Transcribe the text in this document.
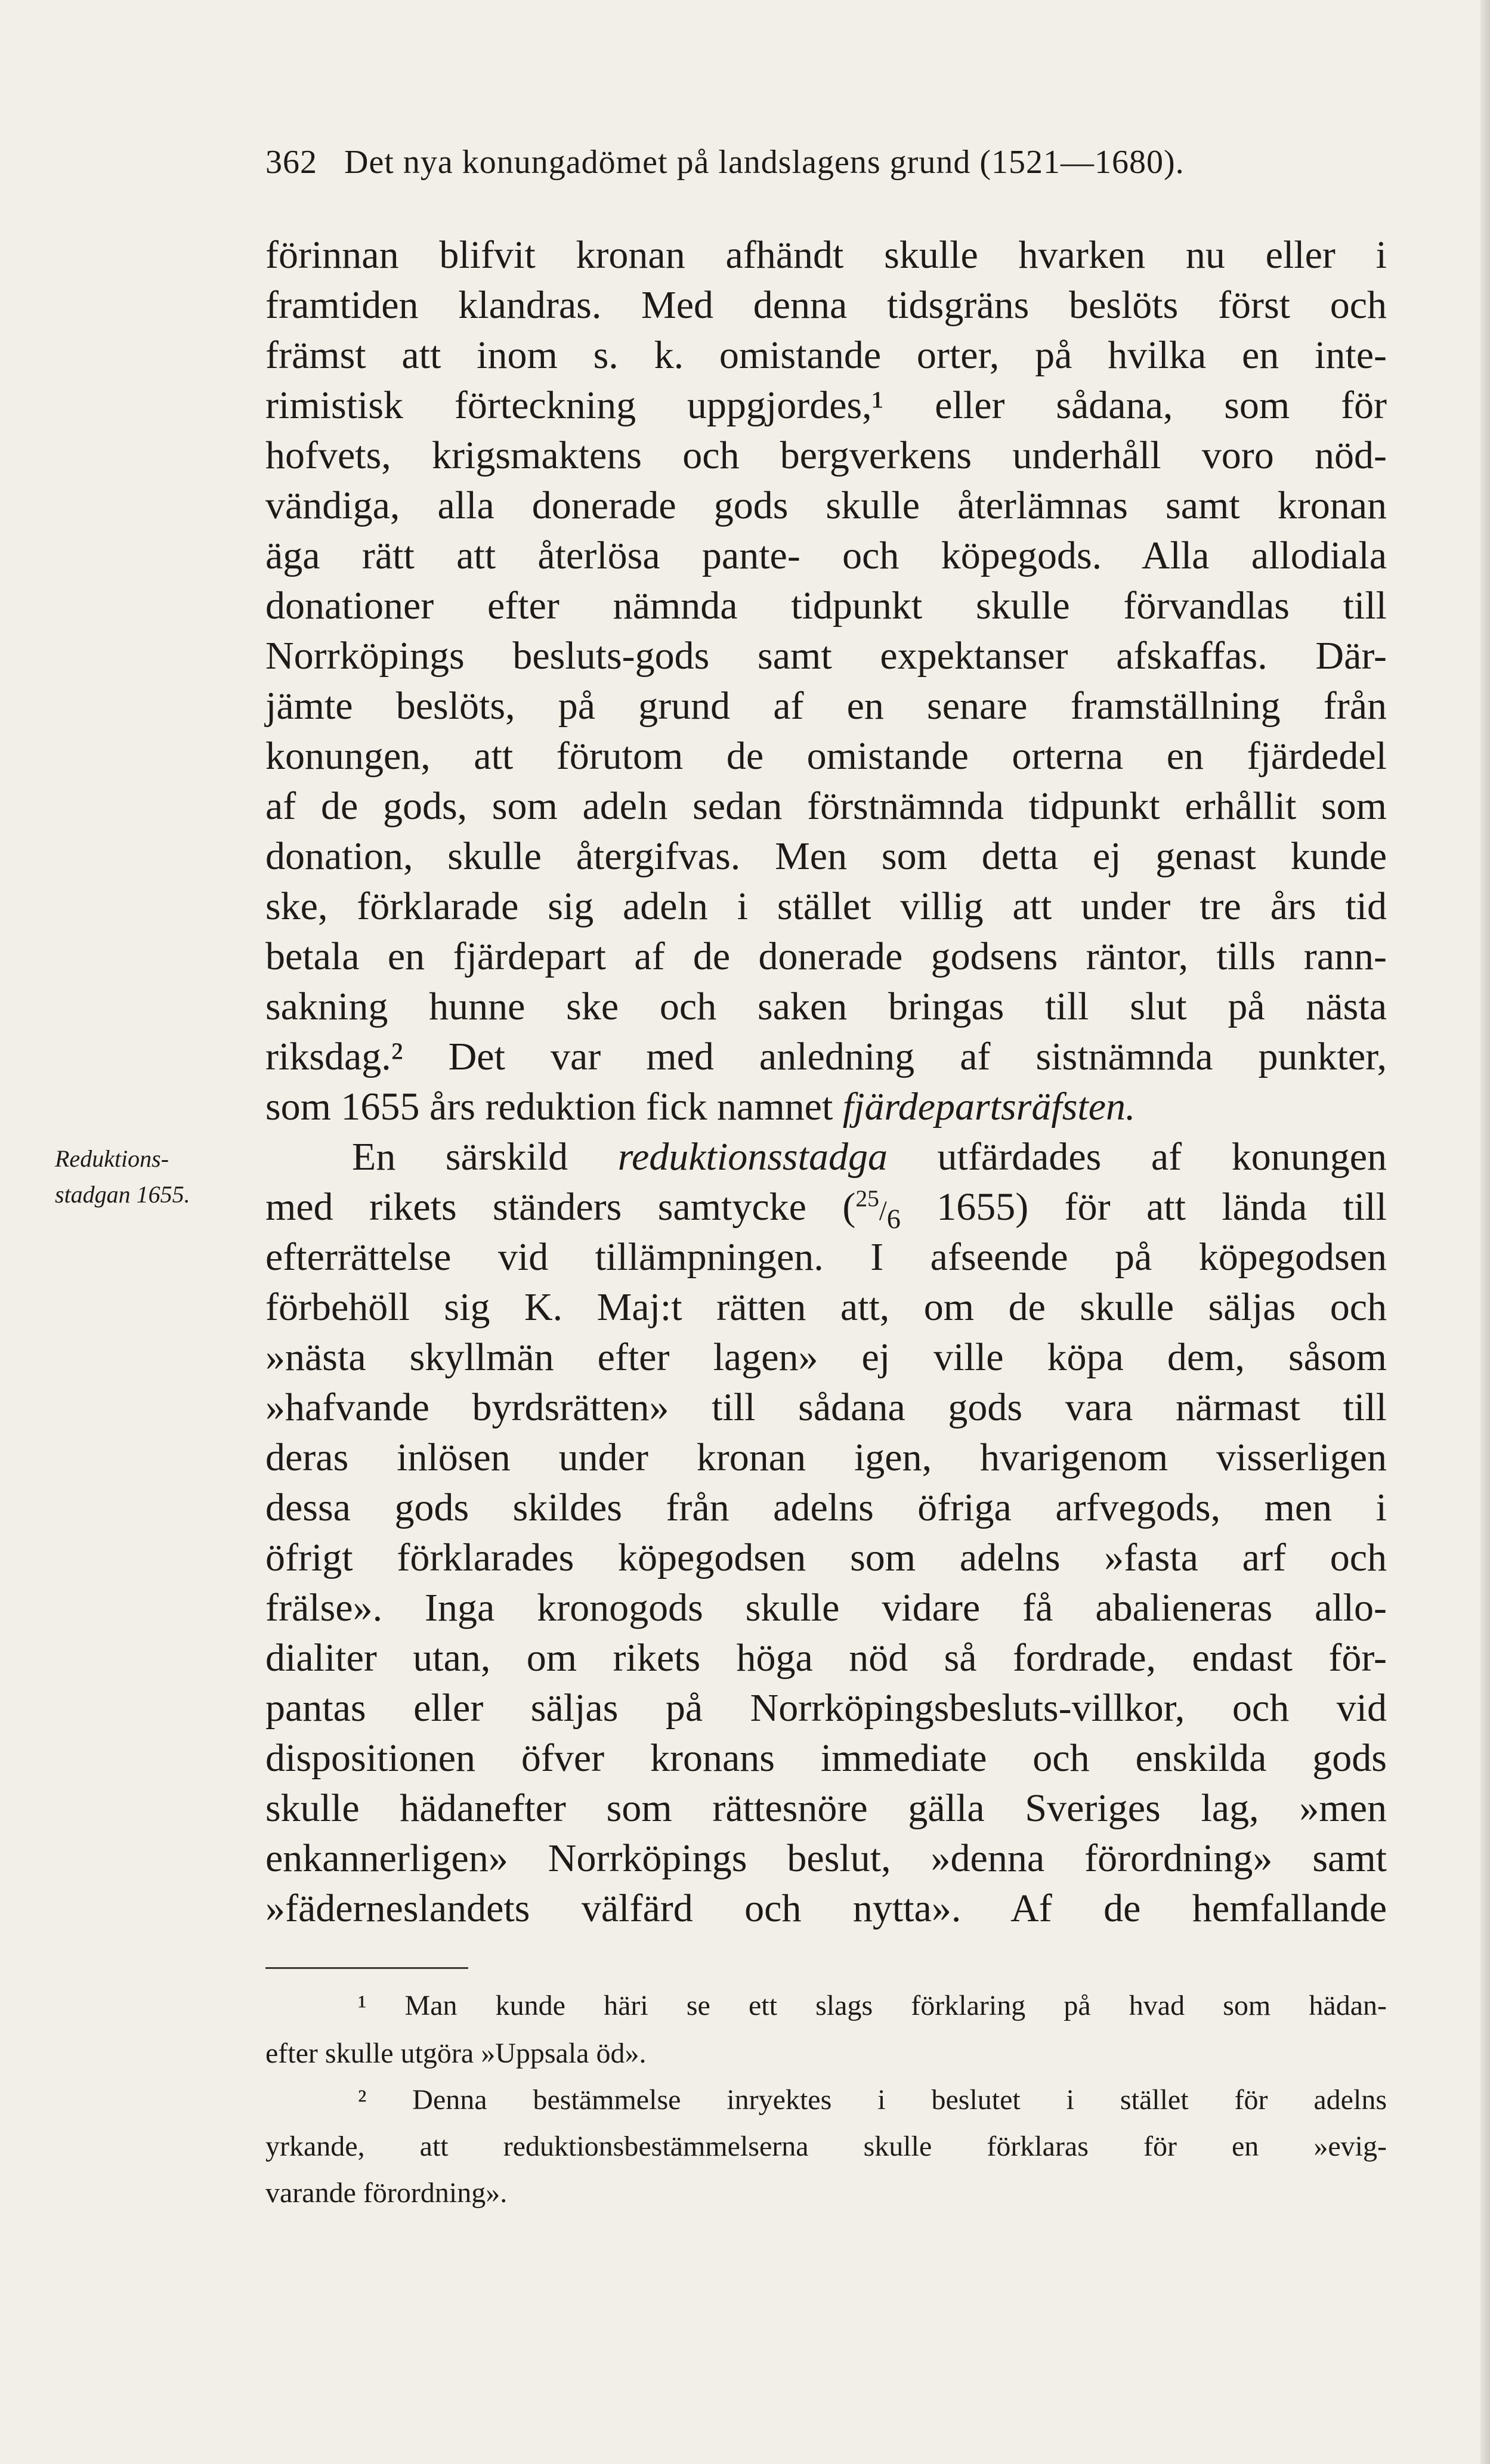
362 Det nya konungadömet på landslagens grund (1521—1680).
förinnan blifvit kronan afhändt skulle hvarken nu eller i
framtiden klandras. Med denna tidsgräns beslöts först och
främst att inom s. k. omistande orter, på hvilka en inte-
rimistisk förteckning uppgjordes,¹ eller sådana, som för
hofvets, krigsmaktens och bergverkens underhåll voro nöd-
vändiga, alla donerade gods skulle återlämnas samt kronan
äga rätt att återlösa pante- och köpegods. Alla allodiala
donationer efter nämnda tidpunkt skulle förvandlas till
Norrköpings besluts-gods samt expektanser afskaffas. Där-
jämte beslöts, på grund af en senare framställning från
konungen, att förutom de omistande orterna en fjärdedel
af de gods, som adeln sedan förstnämnda tidpunkt erhållit som
donation, skulle återgifvas. Men som detta ej genast kunde
ske, förklarade sig adeln i stället villig att under tre års tid
betala en fjärdepart af de donerade godsens räntor, tills rann-
sakning hunne ske och saken bringas till slut på nästa
riksdag.² Det var med anledning af sistnämnda punkter,
som 1655 års reduktion fick namnet fjärdepartsräfsten.
En särskild reduktionsstadga utfärdades af konungen
med rikets ständers samtycke ($^{25}/_6$ 1655) för att lända till
efterrättelse vid tillämpningen. I afseende på köpegodsen
förbehöll sig K. Maj:t rätten att, om de skulle säljas och
»nästa skyllmän efter lagen» ej ville köpa dem, såsom
»hafvande byrdsrätten» till sådana gods vara närmast till
deras inlösen under kronan igen, hvarigenom visserligen
dessa gods skildes från adelns öfriga arfvegods, men i
öfrigt förklarades köpegodsen som adelns »fasta arf och
frälse». Inga kronogods skulle vidare få abalieneras allo-
dialiter utan, om rikets höga nöd så fordrade, endast för-
pantas eller säljas på Norrköpingsbesluts-villkor, och vid
dispositionen öfver kronans immediate och enskilda gods
skulle hädanefter som rättesnöre gälla Sveriges lag, »men
enkannerligen» Norrköpings beslut, »denna förordning» samt
»fäderneslandets välfärd och nytta». Af de hemfallande
Reduktions-
stadgan 1655.
¹ Man kunde häri se ett slags förklaring på hvad som hädan-
efter skulle utgöra »Uppsala öd».
² Denna bestämmelse inryektes i beslutet i stället för adelns
yrkande, att reduktionsbestämmelserna skulle förklaras för en »evig-
varande förordning».
